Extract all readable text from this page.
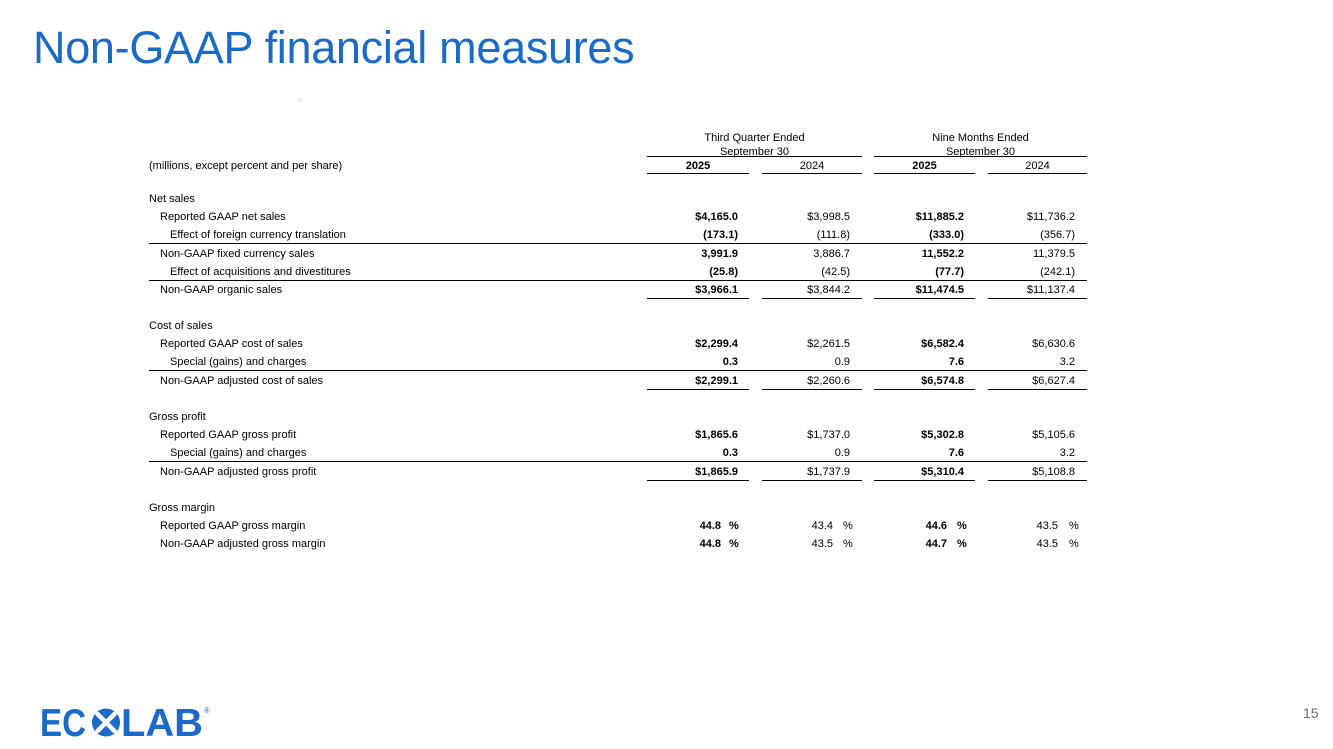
Non-GAAP financial measures
Third Quarter Ended
September 30
Nine Months Ended
September 30
(millions, except percent and per share)	2025	2024	2025	2024
Net sales
Reported GAAP net sales	$4,165.0	$3,998.5	$11,885.2	$11,736.2
Effect of foreign currency translation	(173.1)	(111.8)	(333.0)	(356.7)
Non-GAAP fixed currency sales	3,991.9	3,886.7	11,552.2	11,379.5
Effect of acquisitions and divestitures	(25.8)	(42.5)	(77.7)	(242.1)
Non-GAAP organic sales	$3,966.1	$3,844.2	$11,474.5	$11,137.4
Cost of sales
Reported GAAP cost of sales	$2,299.4	$2,261.5	$6,582.4	$6,630.6
Special (gains) and charges	0.3	0.9	7.6	3.2
Non-GAAP adjusted cost of sales	$2,299.1	$2,260.6	$6,574.8	$6,627.4
Gross profit
Reported GAAP gross profit	$1,865.6	$1,737.0	$5,302.8	$5,105.6
Special (gains) and charges	0.3	0.9	7.6	3.2
Non-GAAP adjusted gross profit	$1,865.9	$1,737.9	$5,310.4	$5,108.8
Gross margin
Reported GAAP gross margin	44.8 %	43.4 %	44.6 %	43.5 %
Non-GAAP adjusted gross margin	44.8 %	43.5 %	44.7 %	43.5 %
EC LAB ®	15
